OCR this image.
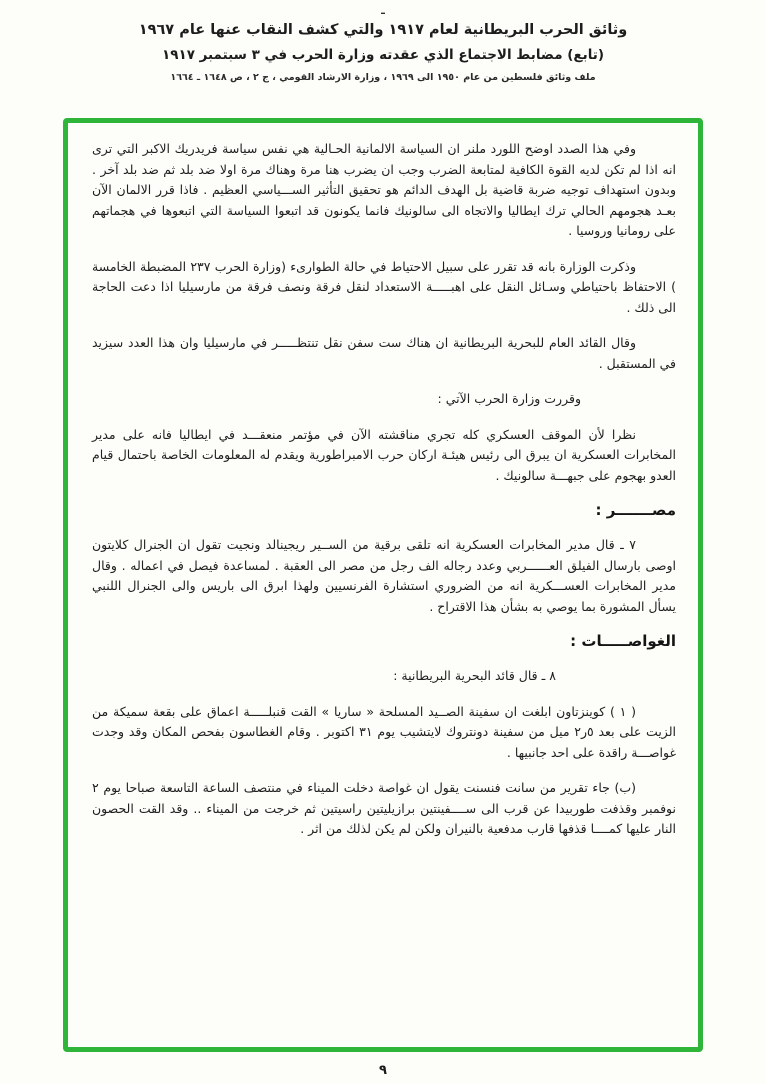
ـ
وثائق الحرب البريطانية لعام ١٩١٧ والتي كشف النقاب عنها عام ١٩٦٧
(تابع) مضابط الاجتماع الذي عقدته وزارة الحرب في ٣ سبتمبر ١٩١٧
ملف وثائق فلسطين من عام ١٩٥٠ الى ١٩٦٩ ، وزارة الارشاد القومي ، ج ٢ ، ص ١٦٤٨ ـ ١٦٦٤

وفي هذا الصدد اوضح اللورد ملنر ان السياسة الالمانية الحـالية هي نفس سياسة فريدريك الاكبر التي ترى انه اذا لم تكن لديه القوة الكافية لمتابعة الضرب وجب ان يضرب هنا مرة وهناك مرة اولا ضد بلد ثم ضد بلد آخر . وبدون استهداف توجيه ضربة قاضية بل الهدف الدائم هو تحقيق التأثير الســـياسي العظيم . فاذا قرر الالمان الآن بعـد هجومهم الحالي ترك ايطاليا والاتجاه الى سالونيك فانما يكونون قد اتبعوا السياسة التي اتبعوها في هجماتهم على رومانيا وروسيا .

وذكرت الوزارة بانه قد تقرر على سبيل الاحتياط في حالة الطوارىء (وزارة الحرب ٢٣٧ المضبطة الخامسة ) الاحتفاظ باحتياطي وسـائل النقل على اهبـــــة الاستعداد لنقل فرقة ونصف فرقة من مارسيليا اذا دعت الحاجة الى ذلك .

وقال القائد العام للبحرية البريطانية ان هناك ست سفن نقل تنتظـــــر في مارسيليا وان هذا العدد سيزيد في المستقبل .

وقررت وزارة الحرب الآتي :

نظرا لأن الموقف العسكري كله تجري مناقشته الآن في مؤتمر منعقـــد في ايطاليا فانه على مدير المخابرات العسكرية ان يبرق الى رئيس هيئـة اركان حرب الامبراطورية ويقدم له المعلومات الخاصة باحتمال قيام العدو بهجوم على جبهـــة سالونيك .

مصـــــــر :

٧ ـ قال مدير المخابرات العسكرية انه تلقى برقية من الســير ريجينالد ونجيت تقول ان الجنرال كلايتون اوصى بارسال الفيلق العــــــربي وعدد رجاله الف رجل من مصر الى العقبة . لمساعدة فيصل في اعماله . وقال مدير المخابرات العســـكرية انه من الضروري استشارة الفرنسيين ولهذا ابرق الى باريس والى الجنرال اللنبي يسأل المشورة بما يوصي به بشأن هذا الاقتراح .

الغواصـــــات :

٨ ـ قال قائد البحرية البريطانية :

( ١ ) كوينزتاون ابلغت ان سفينة الصــيد المسلحة « ساريا » القت قنبلـــــة اعماق على بقعة سميكة من الزيت على بعد ٥ر٢ ميل من سفينة دونتروك لايتشيب يوم ٣١ اكتوبر . وقام الغطاسون بفحص المكان وقد وجدت غواصـــة راقدة على احد جانبيها .

(ب) جاء تقرير من سانت فنسنت يقول ان غواصة دخلت الميناء في منتصف الساعة التاسعة صباحا يوم ٢ نوفمبر وقذفت طوربيدا عن قرب الى ســــفينتين برازيليتين راسيتين ثم خرجت من الميناء .. وقد القت الحصون النار عليها كمــــا قذفها قارب مدفعية بالنيران ولكن لم يكن لذلك من اثر .

٩
